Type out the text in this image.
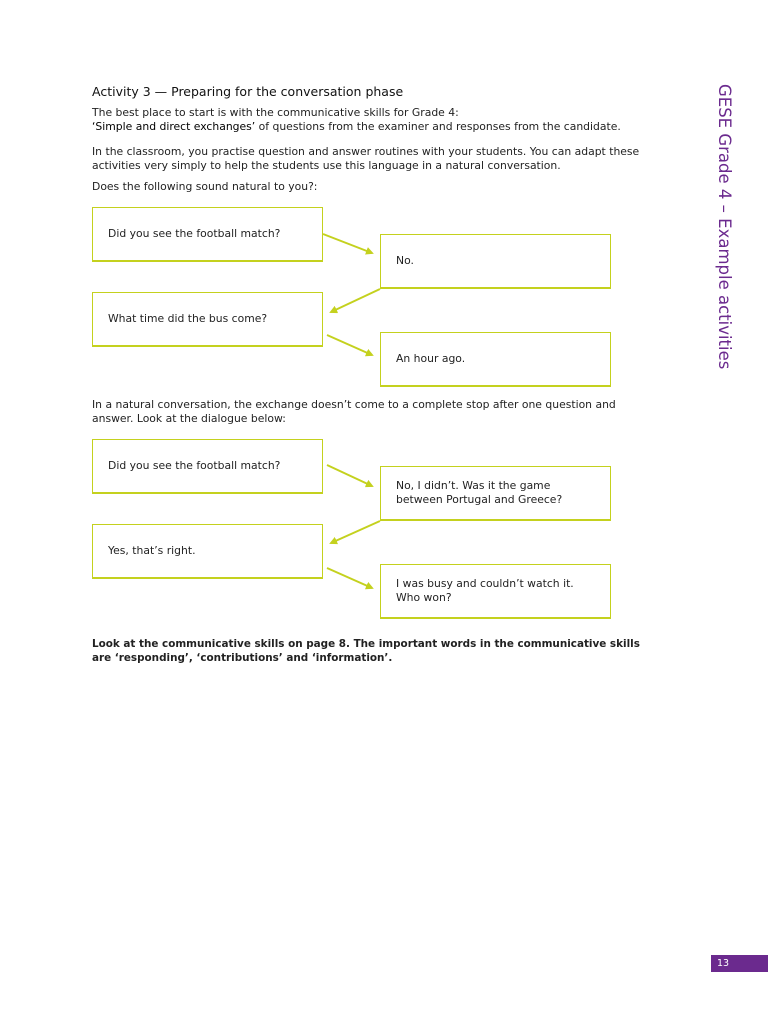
GESE Grade 4 – Example activities
Activity 3 — Preparing for the conversation phase

The best place to start is with the communicative skills for Grade 4:
‘Simple and direct exchanges’ of questions from the examiner and responses from the candidate.

In the classroom, you practise question and answer routines with your students. You can adapt these activities very simply to help the students use this language in a natural conversation.

Does the following sound natural to you?:

Did you see the football match?
No.
What time did the bus come?
An hour ago.

In a natural conversation, the exchange doesn’t come to a complete stop after one question and answer. Look at the dialogue below:

Did you see the football match?
No, I didn’t. Was it the game between Portugal and Greece?
Yes, that’s right.
I was busy and couldn’t watch it. Who won?

Look at the communicative skills on page 8. The important words in the communicative skills are ‘responding’, ‘contributions’ and ‘information’.

13
